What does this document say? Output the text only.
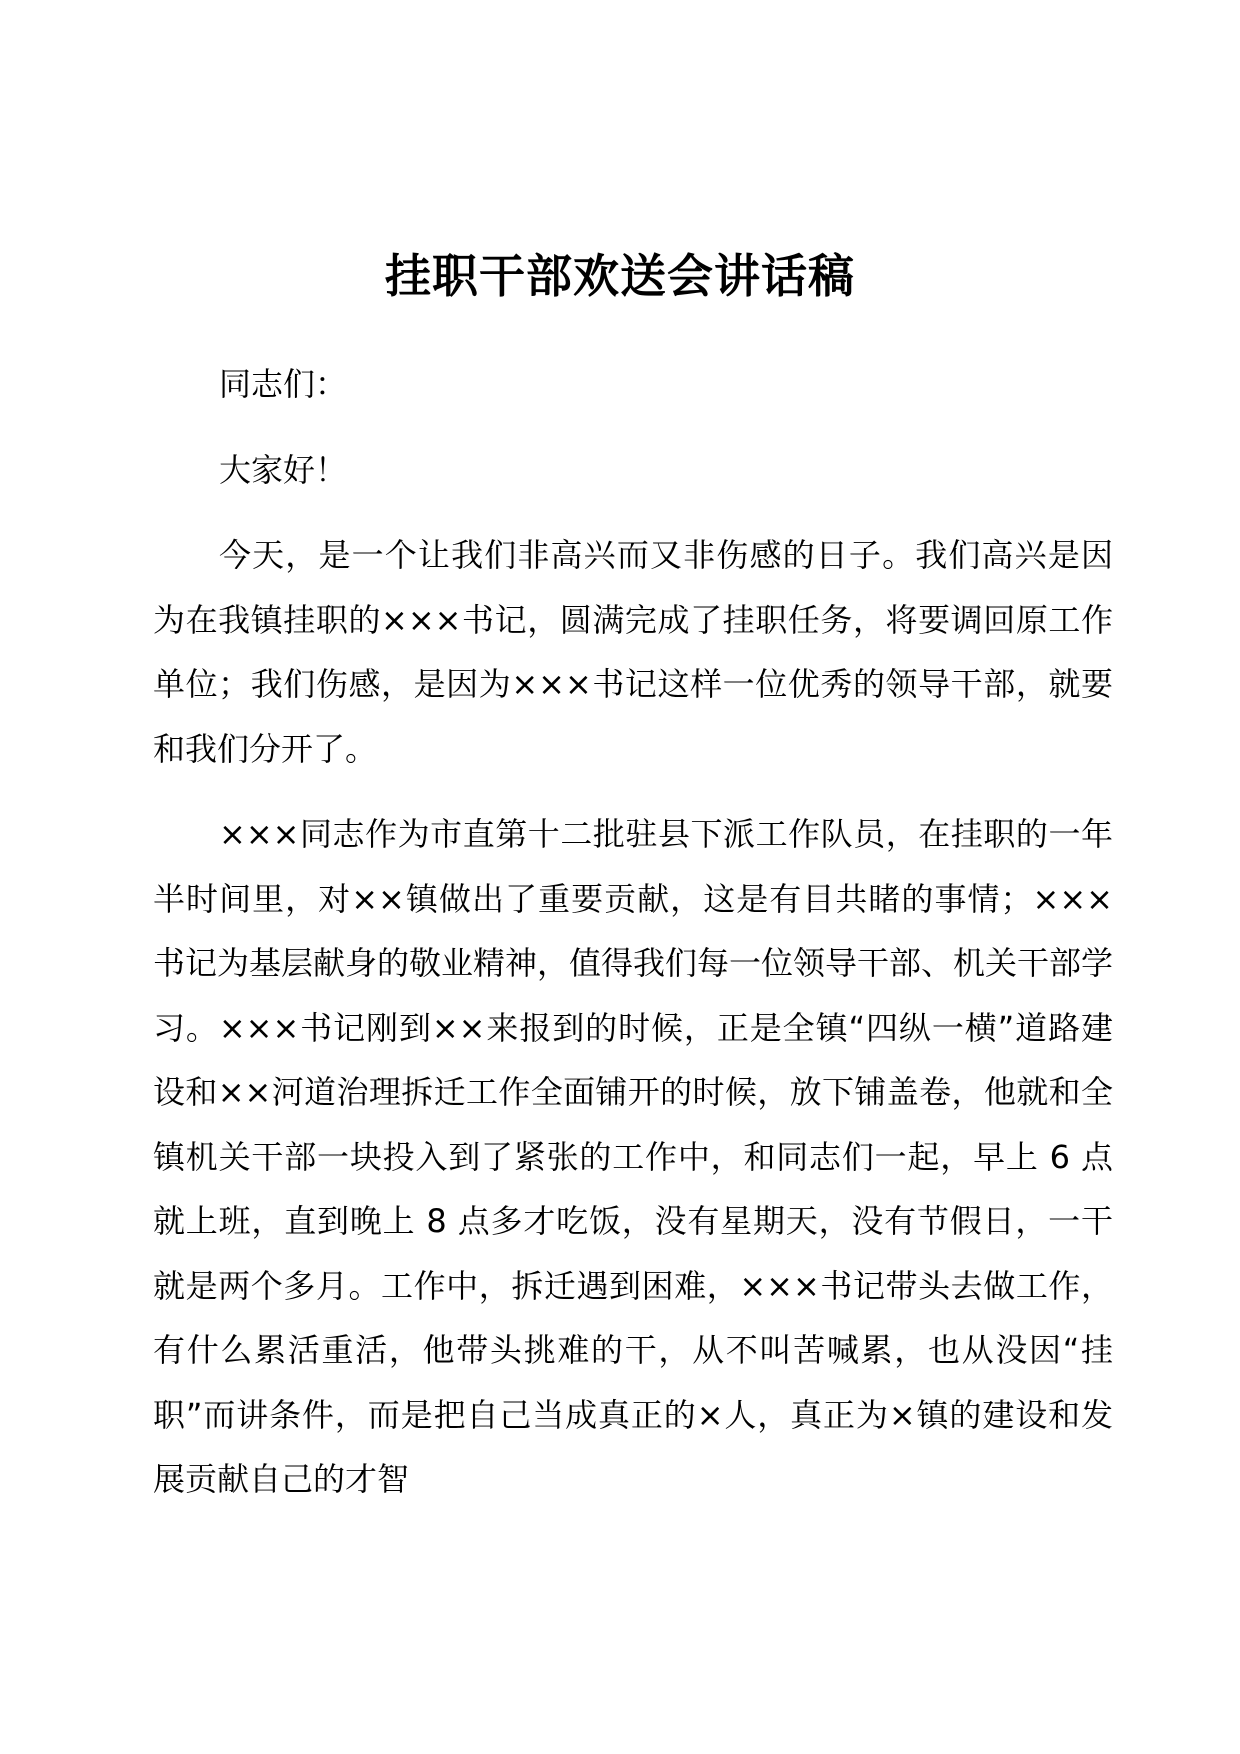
挂职干部欢送会讲话稿

同志们：

大家好！

今天，是一个让我们非高兴而又非伤感的日子。我们高兴是因为在我镇挂职的×××书记，圆满完成了挂职任务，将要调回原工作单位；我们伤感，是因为×××书记这样一位优秀的领导干部，就要和我们分开了。

×××同志作为市直第十二批驻县下派工作队员，在挂职的一年半时间里，对××镇做出了重要贡献，这是有目共睹的事情；×××书记为基层献身的敬业精神，值得我们每一位领导干部、机关干部学习。×××书记刚到××来报到的时候，正是全镇“四纵一横”道路建设和××河道治理拆迁工作全面铺开的时候，放下铺盖卷，他就和全镇机关干部一块投入到了紧张的工作中，和同志们一起，早上 6 点就上班，直到晚上 8 点多才吃饭，没有星期天，没有节假日，一干就是两个多月。工作中，拆迁遇到困难，×××书记带头去做工作，有什么累活重活，他带头挑难的干，从不叫苦喊累，也从没因“挂职”而讲条件，而是把自己当成真正的×人，真正为×镇的建设和发展贡献自己的才智
